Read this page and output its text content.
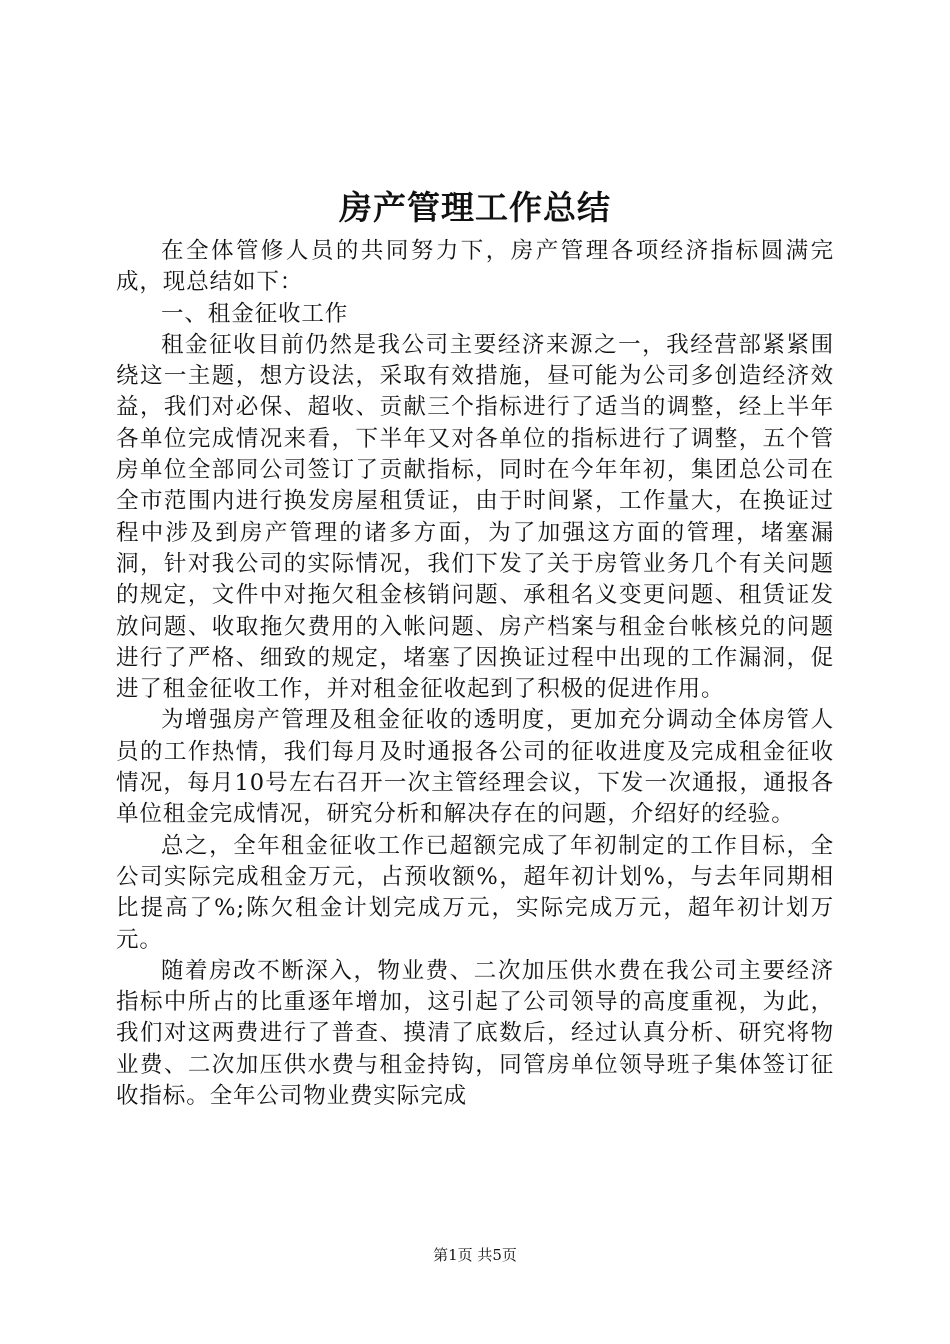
房产管理工作总结

在全体管修人员的共同努力下，房产管理各项经济指标圆满完成，现总结如下：

一、租金征收工作

租金征收目前仍然是我公司主要经济来源之一，我经营部紧紧围绕这一主题，想方设法，采取有效措施，昼可能为公司多创造经济效益，我们对必保、超收、贡献三个指标进行了适当的调整，经上半年各单位完成情况来看，下半年又对各单位的指标进行了调整，五个管房单位全部同公司签订了贡献指标，同时在今年年初，集团总公司在全市范围内进行换发房屋租赁证，由于时间紧，工作量大，在换证过程中涉及到房产管理的诸多方面，为了加强这方面的管理，堵塞漏洞，针对我公司的实际情况，我们下发了关于房管业务几个有关问题的规定，文件中对拖欠租金核销问题、承租名义变更问题、租赁证发放问题、收取拖欠费用的入帐问题、房产档案与租金台帐核兑的问题进行了严格、细致的规定，堵塞了因换证过程中出现的工作漏洞，促进了租金征收工作，并对租金征收起到了积极的促进作用。

为增强房产管理及租金征收的透明度，更加充分调动全体房管人员的工作热情，我们每月及时通报各公司的征收进度及完成租金征收情况，每月10号左右召开一次主管经理会议，下发一次通报，通报各单位租金完成情况，研究分析和解决存在的问题，介绍好的经验。

总之，全年租金征收工作已超额完成了年初制定的工作目标，全公司实际完成租金万元，占预收额%，超年初计划%，与去年同期相比提高了%;陈欠租金计划完成万元，实际完成万元，超年初计划万元。

随着房改不断深入，物业费、二次加压供水费在我公司主要经济指标中所占的比重逐年增加，这引起了公司领导的高度重视，为此，我们对这两费进行了普查、摸清了底数后，经过认真分析、研究将物业费、二次加压供水费与租金持钩，同管房单位领导班子集体签订征收指标。全年公司物业费实际完成

第1页 共5页
